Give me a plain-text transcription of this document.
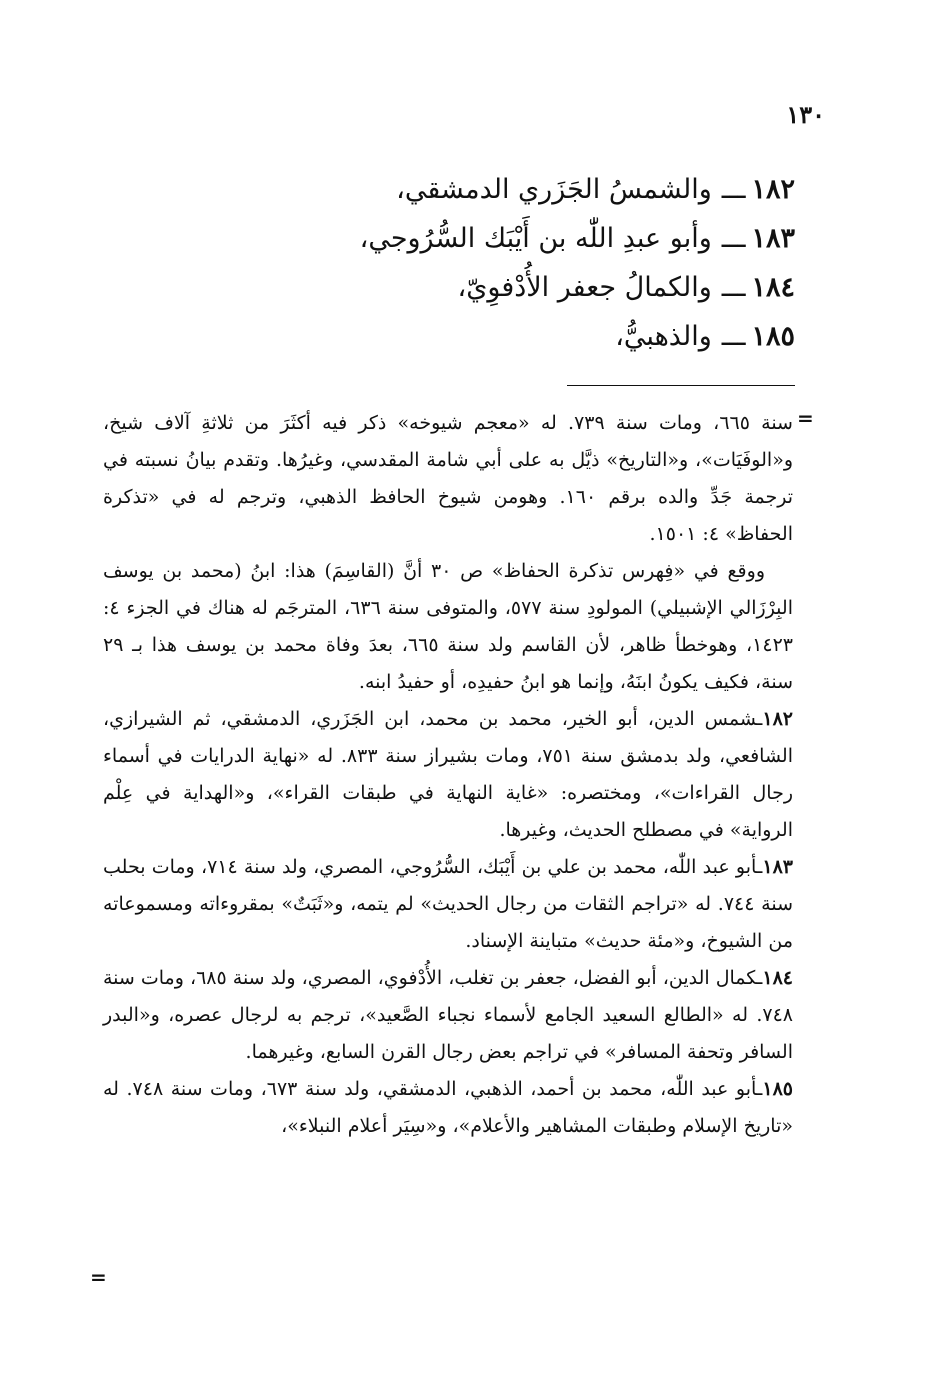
١٣٠
١٨٢ـــوالشمسُ الجَزَري الدمشقي،
١٨٣ـــوأبو عبدِ اللّٰه بن أَيْبَك السُّرُوجي،
١٨٤ـــوالكمالُ جعفر الأُدْفوِيّ،
١٨٥ـــوالذهبيُّ،
=

سنة ٦٦٥، ومات سنة ٧٣٩. له «معجم شيوخه» ذكر فيه أكثَرَ من ثلاثةِ آلاف شيخ، و«الوفَيَات»، و«التاريخ» ذيَّل به على أبي شامة المقدسي، وغيرُها. وتقدم بيانُ نسبته في ترجمة جَدِّ والده برقم ١٦٠. وهومن شيوخ الحافظ الذهبي، وترجم له في «تذكرة الحفاظ» ٤: ١٥٠١.

ووقع في «فِهرس تذكرة الحفاظ» ص ٣٠ أنَّ (القاسِمَ) هذا: ابنُ (محمد بن يوسف البِرْزَالي الإشبيلي) المولودِ سنة ٥٧٧، والمتوفى سنة ٦٣٦، المترجَم له هناك في الجزء ٤: ١٤٢٣، وهوخطأ ظاهر، لأن القاسم ولد سنة ٦٦٥، بعدَ وفاة محمد بن يوسف هذا بـ ٢٩ سنة، فكيف يكونُ ابنَهُ، وإنما هو ابنُ حفيدِه، أو حفيدُ ابنه.

١٨٢ـشمس الدين، أبو الخير، محمد بن محمد، ابن الجَزَري، الدمشقي، ثم الشيرازي، الشافعي، ولد بدمشق سنة ٧٥١، ومات بشيراز سنة ٨٣٣. له «نهاية الدرايات في أسماء رجال القراءات»، ومختصره: «غاية النهاية في طبقات القراء»، و«الهداية في عِلْم الرواية» في مصطلح الحديث، وغيرها.

١٨٣ـأبو عبد اللّٰه، محمد بن علي بن أَيْبَك، السُّرُوجي، المصري، ولد سنة ٧١٤، ومات بحلب سنة ٧٤٤. له «تراجم الثقات من رجال الحديث» لم يتمه، و«ثَبَتٌ» بمقروءاته ومسموعاته من الشيوخ، و«مئة حديث» متباينة الإسناد.

١٨٤ـكمال الدين، أبو الفضل، جعفر بن تغلب، الأُدْفوي، المصري، ولد سنة ٦٨٥، ومات سنة ٧٤٨. له «الطالع السعيد الجامع لأسماء نجباء الصَّعيد»، ترجم به لرجال عصره، و«البدر السافر وتحفة المسافر» في تراجم بعض رجال القرن السابع، وغيرهما.

١٨٥ـأبو عبد اللّٰه، محمد بن أحمد، الذهبي، الدمشقي، ولد سنة ٦٧٣، ومات سنة ٧٤٨. له «تاريخ الإسلام وطبقات المشاهير والأعلام»، و«سِيَر أعلام النبلاء»،

=
